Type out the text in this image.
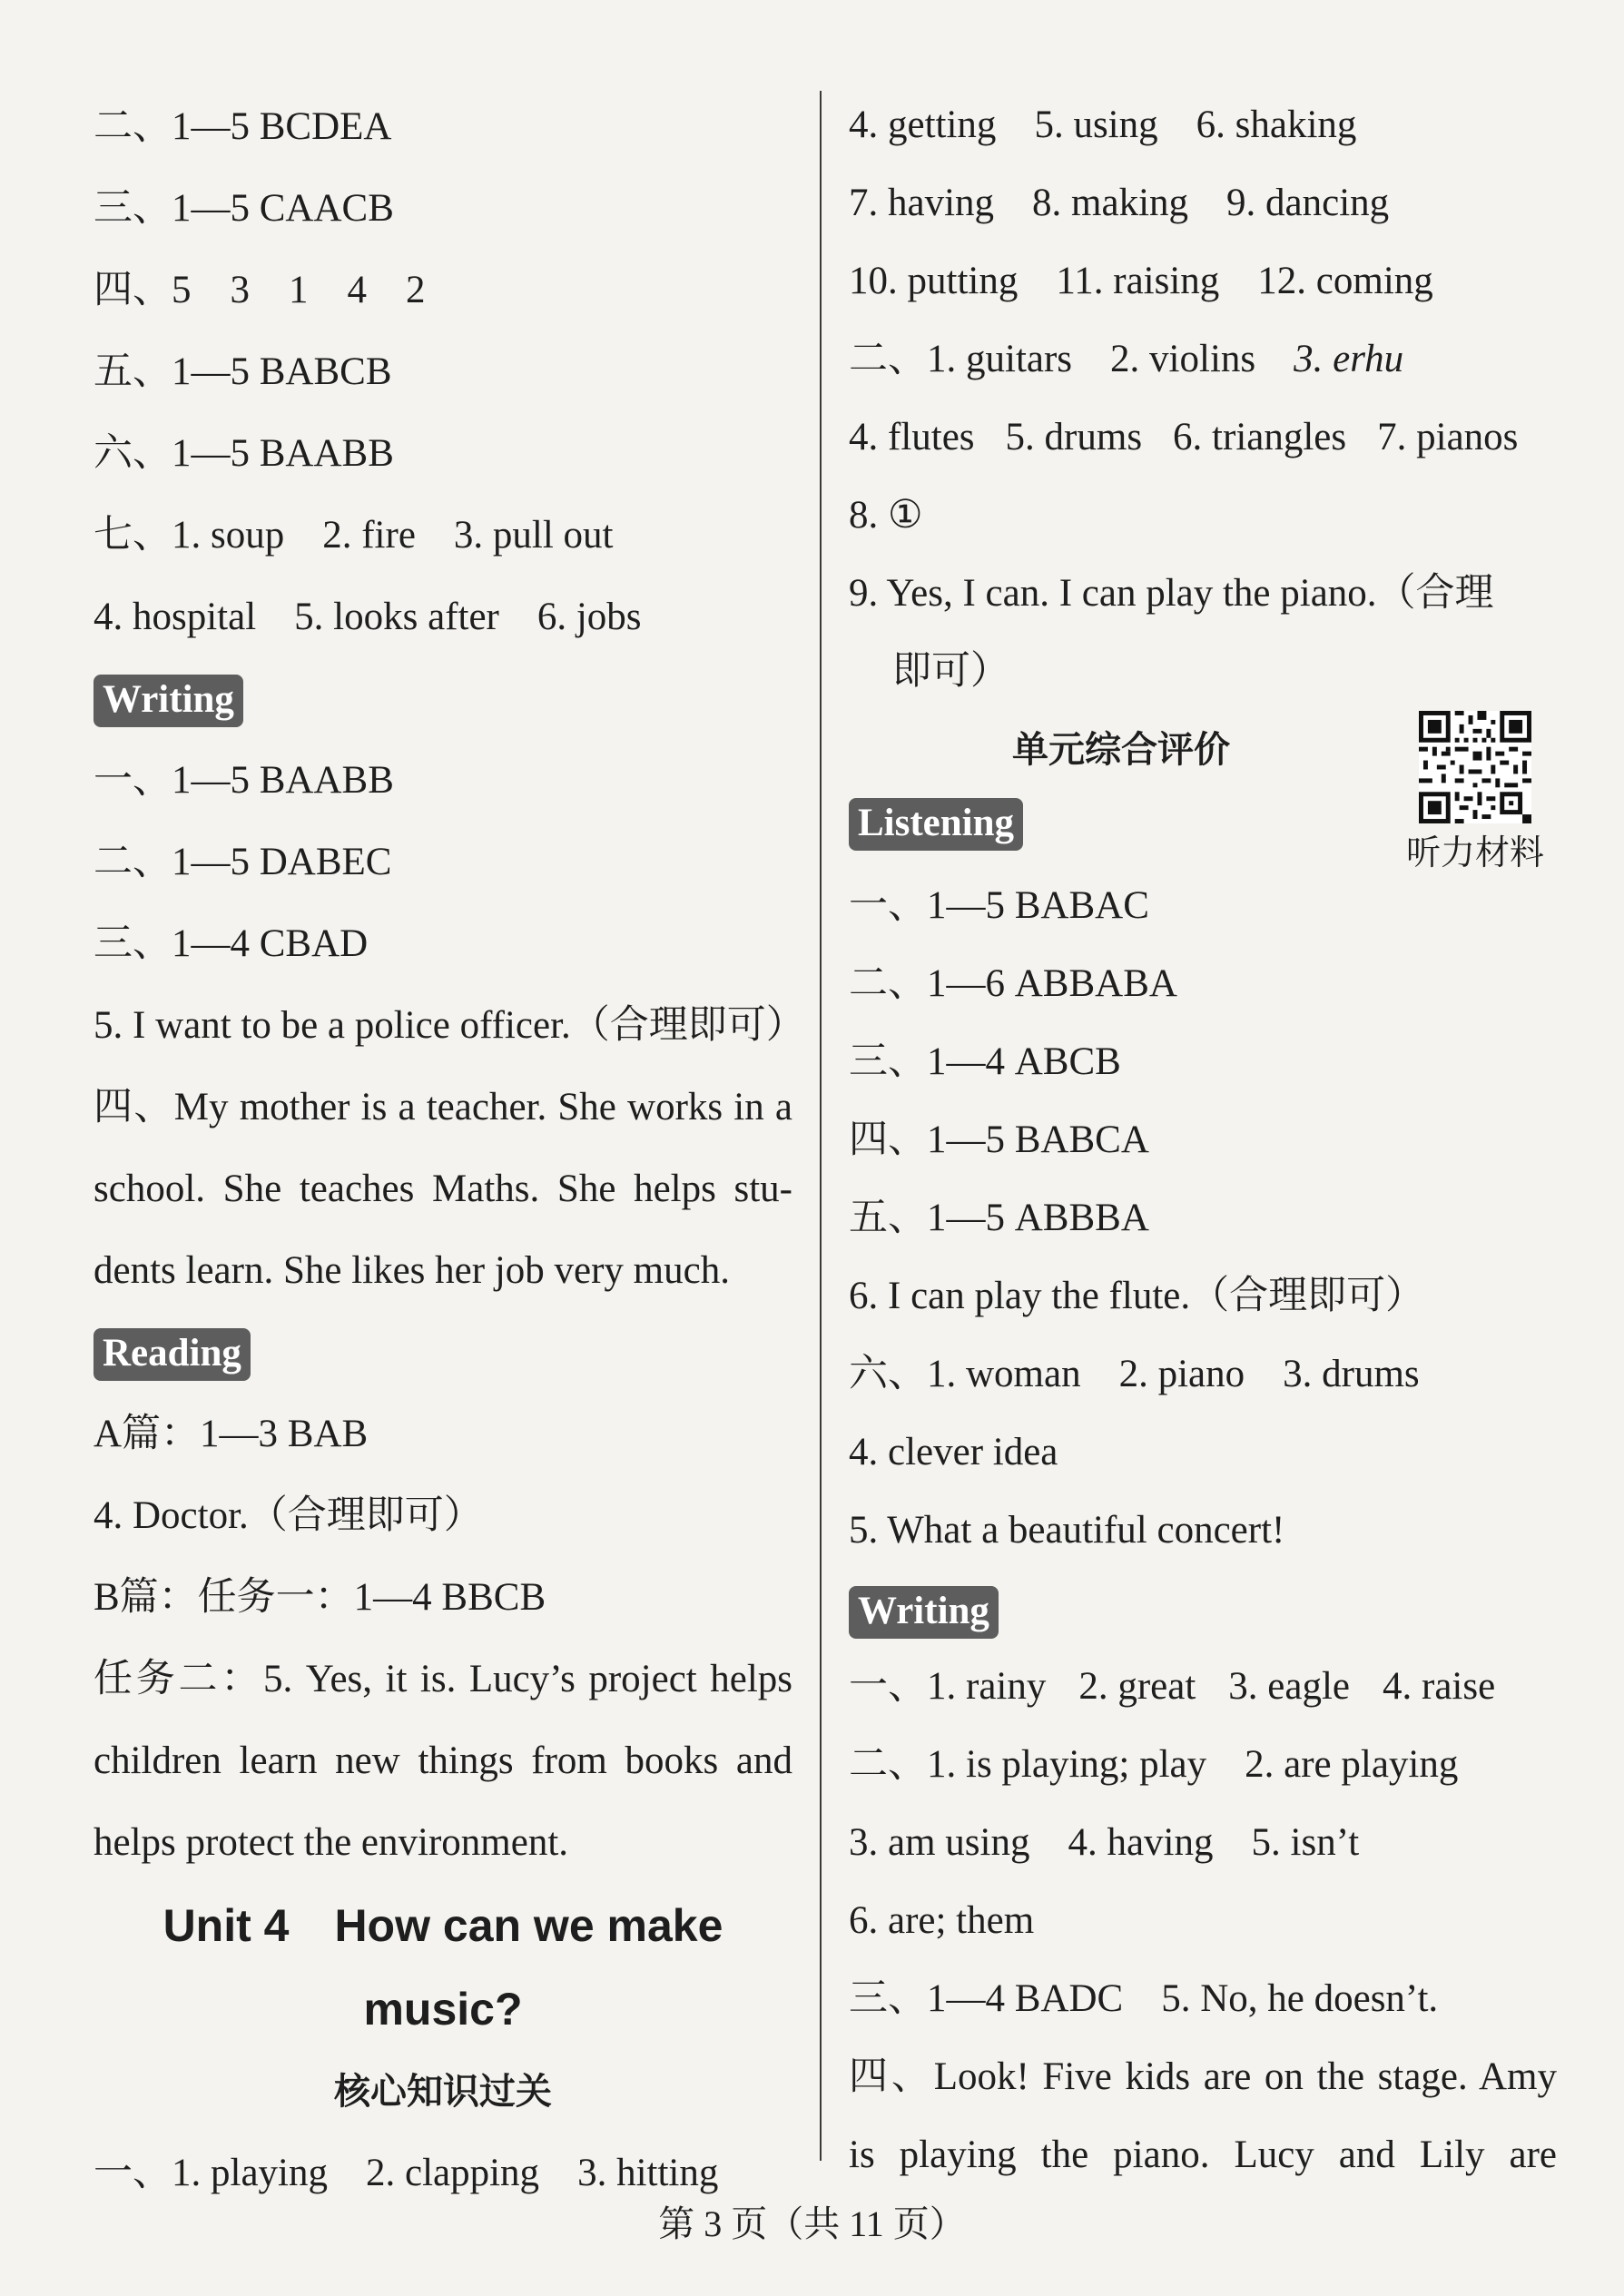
二、1—5 BCDEA
三、1—5 CAACB
四、5　3　1　4　2
五、1—5 BABCB
六、1—5 BAABB
七、1. soup 2. fire 3. pull out
4. hospital 5. looks after 6. jobs
Writing
一、1—5 BAABB
二、1—5 DABEC
三、1—4 CBAD
5. I want to be a police officer.（合理即可）
四、My mother is a teacher. She works in a
school. She teaches Maths. She helps stu-
dents learn. She likes her job very much.
Reading
A篇：1—3 BAB
4. Doctor.（合理即可）
B篇：任务一：1—4 BBCB
任务二：5. Yes, it is. Lucy’s project helps
children learn new things from books and
helps protect the environment.
Unit 4　How can we make
music?
核心知识过关
一、1. playing 2. clapping 3. hitting
4. getting 5. using 6. shaking
7. having 8. making 9. dancing
10. putting 11. raising 12. coming
二、1. guitars 2. violins 3. erhu
4. flutes 5. drums 6. triangles 7. pianos
8. ①
9. Yes, I can. I can play the piano.（合理
即可）
单元综合评价
Listening
听力材料
一、1—5 BABAC
二、1—6 ABBABA
三、1—4 ABCB
四、1—5 BABCA
五、1—5 ABBBA
6. I can play the flute.（合理即可）
六、1. woman 2. piano 3. drums
4. clever idea
5. What a beautiful concert!
Writing
一、1. rainy 2. great 3. eagle 4. raise
二、1. is playing; play 2. are playing
3. am using 4. having 5. isn’t
6. are; them
三、1—4 BADC 5. No, he doesn’t.
四、Look! Five kids are on the stage. Amy
is playing the piano. Lucy and Lily are
第 3 页（共 11 页）
